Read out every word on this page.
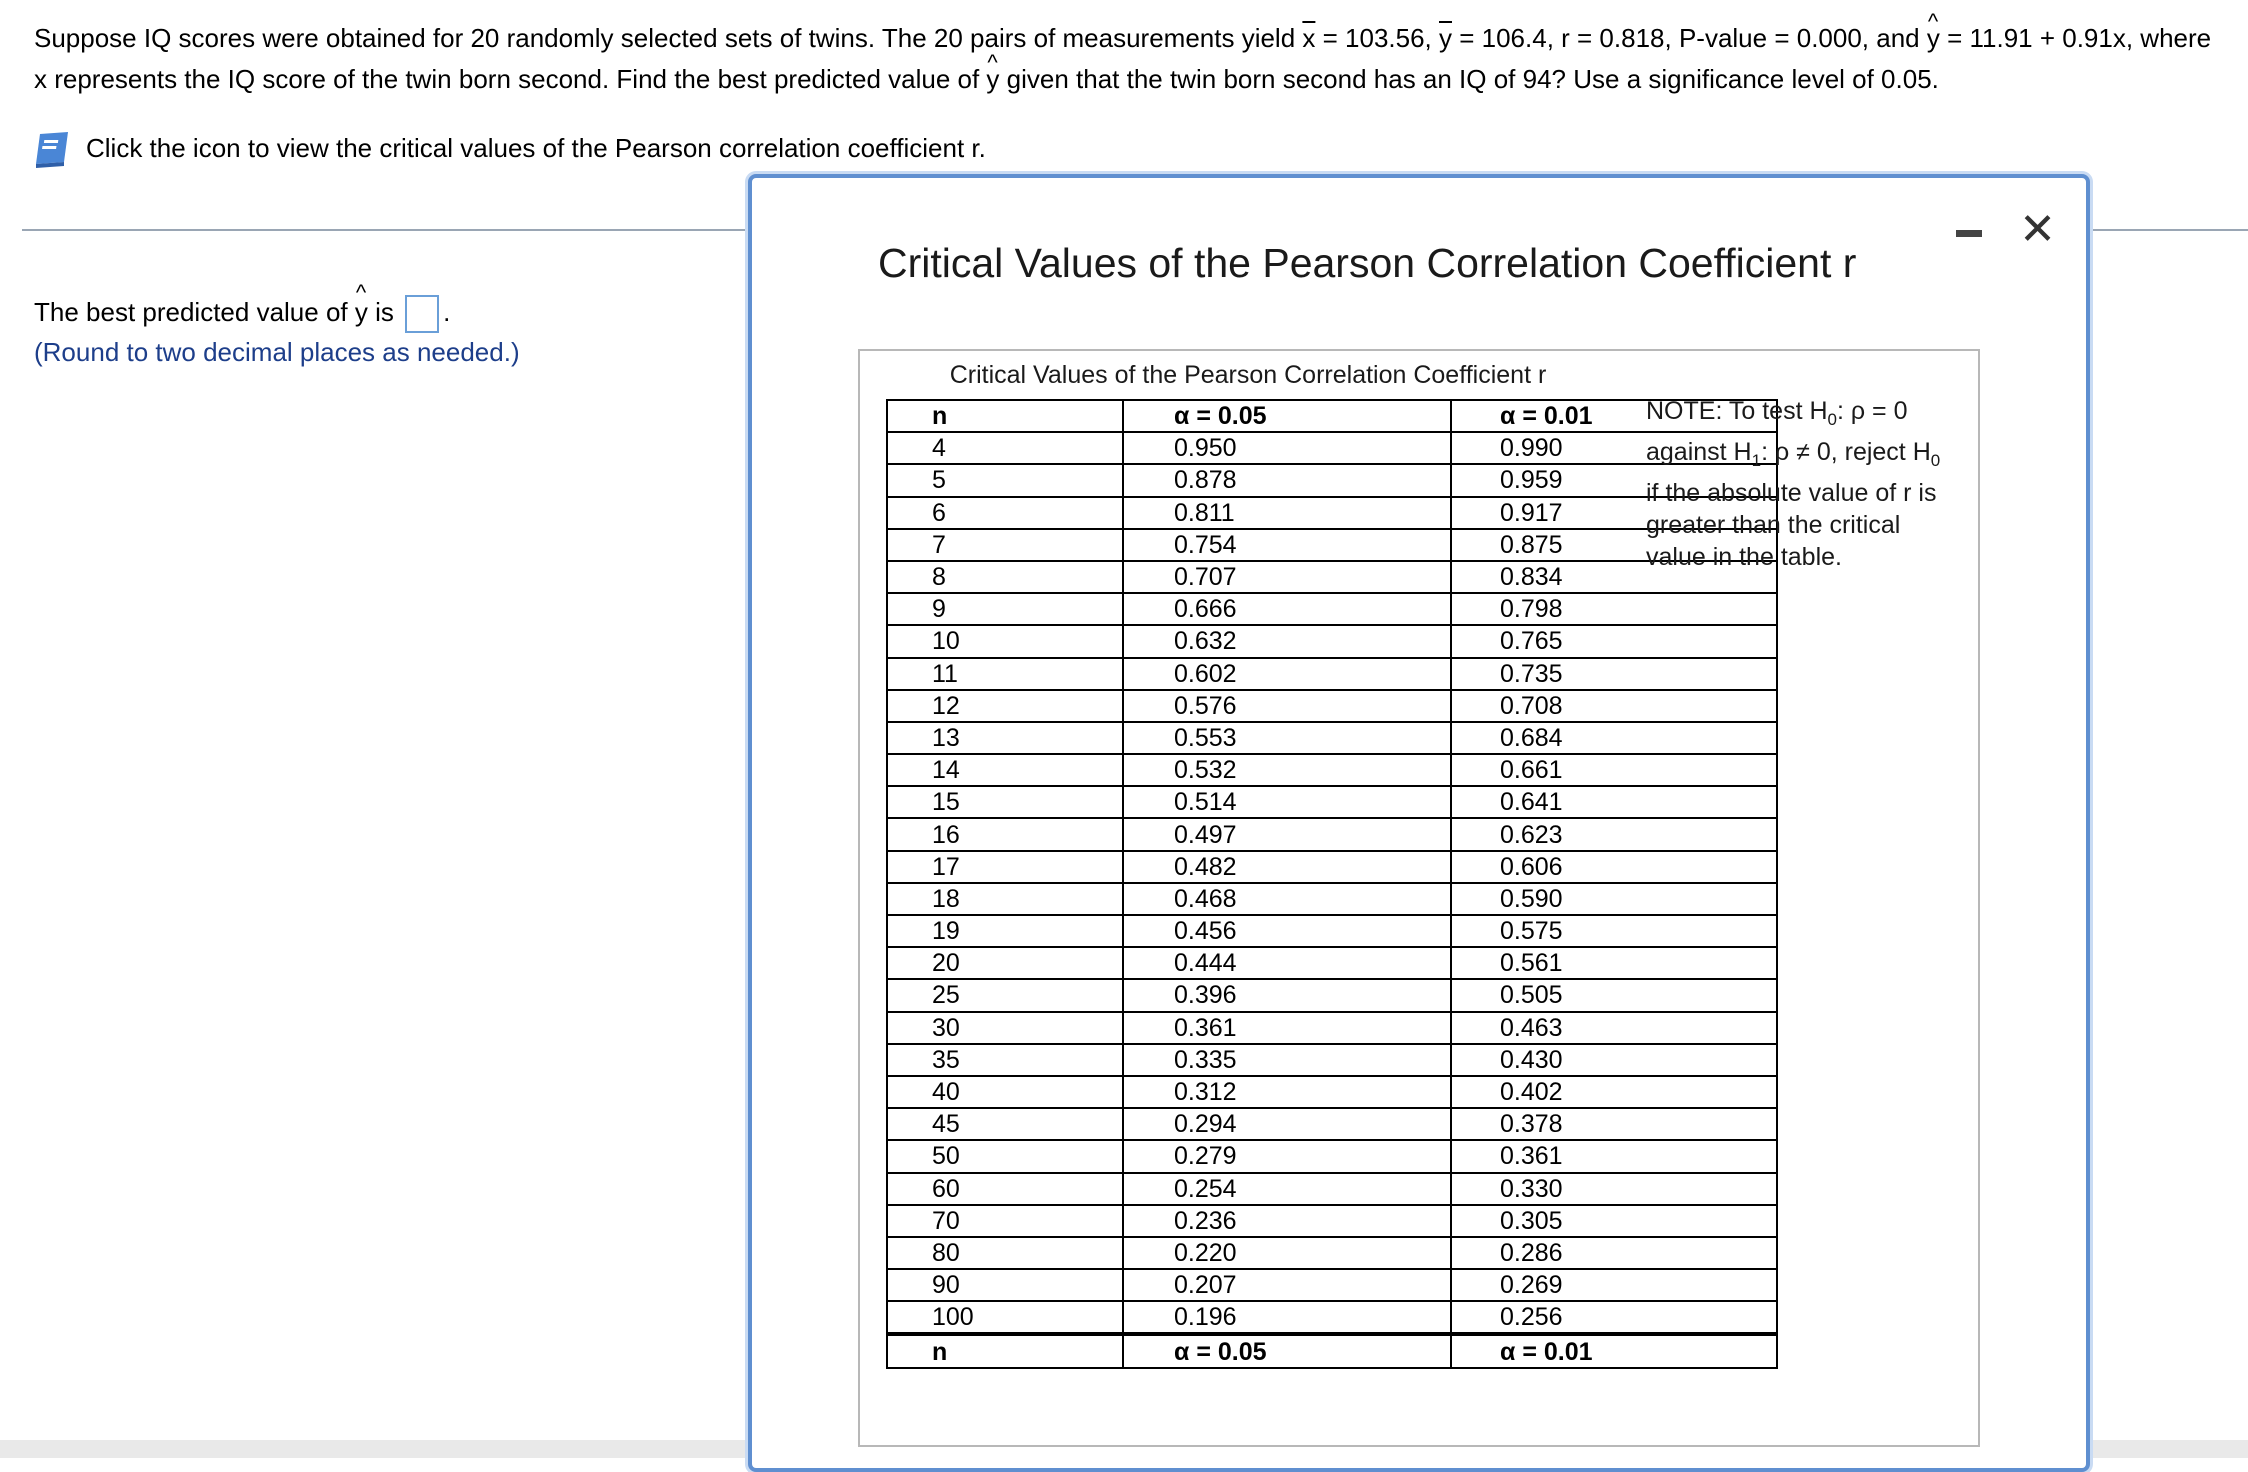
Suppose IQ scores were obtained for 20 randomly selected sets of twins. The 20 pairs of measurements yield $\overline{x} = 103.56$, $\overline{y} = 106.4$, r = 0.818, P-value = 0.000, and ^ y = 11.91 + 0.91x, where x represents the IQ score of the twin born second. Find the best predicted value of ^ y given that the twin born second has an IQ of 94? Use a significance level of 0.05.
Click the icon to view the critical values of the Pearson correlation coefficient r.
The best predicted value of ^ y is .
(Round to two decimal places as needed.)
✕
Critical Values of the Pearson Correlation Coefficient r
Critical Values of the Pearson Correlation Coefficient r
n	α = 0.05	α = 0.01
4	0.950	0.990
5	0.878	0.959
6	0.811	0.917
7	0.754	0.875
8	0.707	0.834
9	0.666	0.798
10	0.632	0.765
11	0.602	0.735
12	0.576	0.708
13	0.553	0.684
14	0.532	0.661
15	0.514	0.641
16	0.497	0.623
17	0.482	0.606
18	0.468	0.590
19	0.456	0.575
20	0.444	0.561
25	0.396	0.505
30	0.361	0.463
35	0.335	0.430
40	0.312	0.402
45	0.294	0.378
50	0.279	0.361
60	0.254	0.330
70	0.236	0.305
80	0.220	0.286
90	0.207	0.269
100	0.196	0.256
n	α = 0.05	α = 0.01
NOTE: To test $H_0$: ρ = 0
against $H_1$: ρ ≠ 0, reject $H_0$
if the absolute value of r is
greater than the critical
value in the table.
